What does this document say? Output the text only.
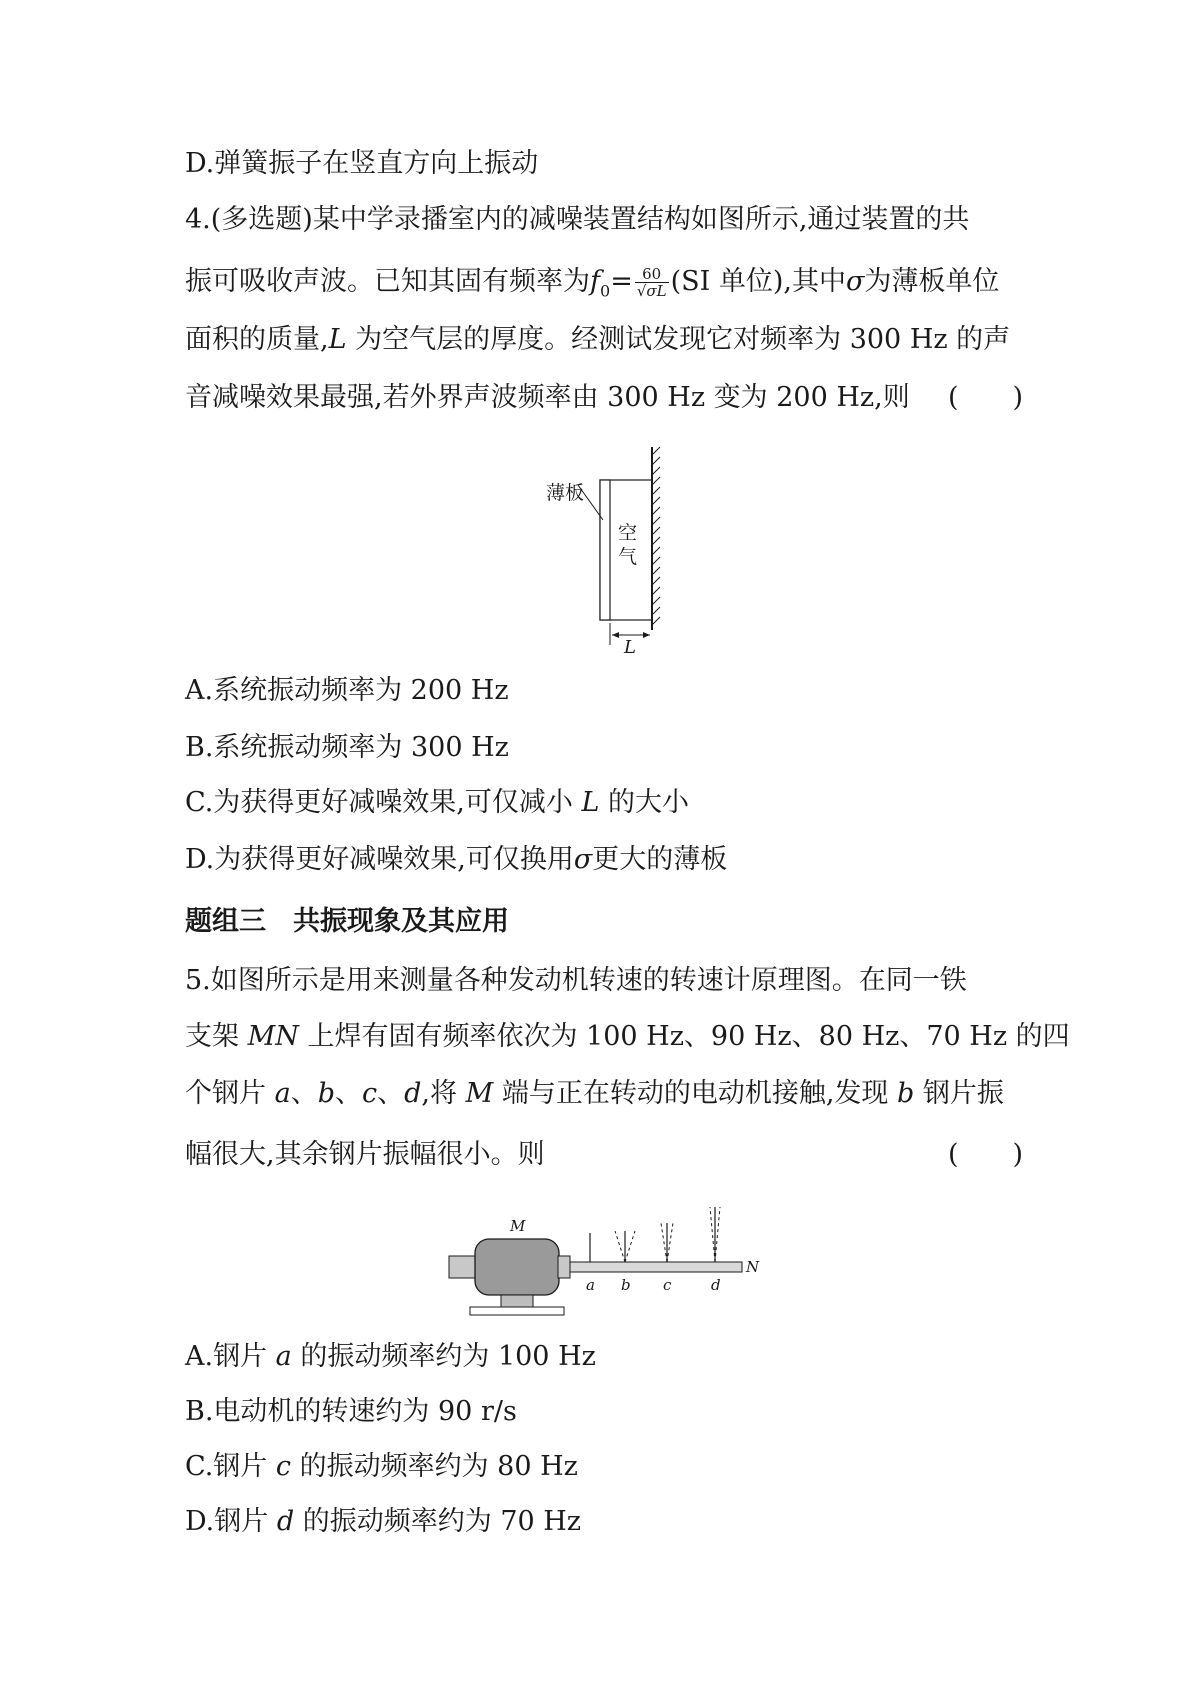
D.弹簧振子在竖直方向上振动
4.(多选题)某中学录播室内的减噪装置结构如图所示,通过装置的共
振可吸收声波。已知其固有频率为$f_0= \frac{60}{√\sigma L} (SI$ 单位),其中σ为薄板单位
面积的质量,L 为空气层的厚度。经测试发现它对频率为 300 Hz 的声
音减噪效果最强,若外界声波频率由 300 Hz 变为 200 Hz,则 (　　)
薄板
空
气
L
A.系统振动频率为 200 Hz
B.系统振动频率为 300 Hz
C.为获得更好减噪效果,可仅减小 L 的大小
D.为获得更好减噪效果,可仅换用σ更大的薄板
题组三　共振现象及其应用
5.如图所示是用来测量各种发动机转速的转速计原理图。在同一铁
支架 MN 上焊有固有频率依次为 100 Hz、90 Hz、80 Hz、70 Hz 的四
个钢片 a、b、c、d,将 M 端与正在转动的电动机接触,发现 b 钢片振
幅很大,其余钢片振幅很小。则	(　　)
M
N
a b c	d
A.钢片 a 的振动频率约为 100 Hz
B.电动机的转速约为 90 r/s
C.钢片 c 的振动频率约为 80 Hz
D.钢片 d 的振动频率约为 70 Hz
